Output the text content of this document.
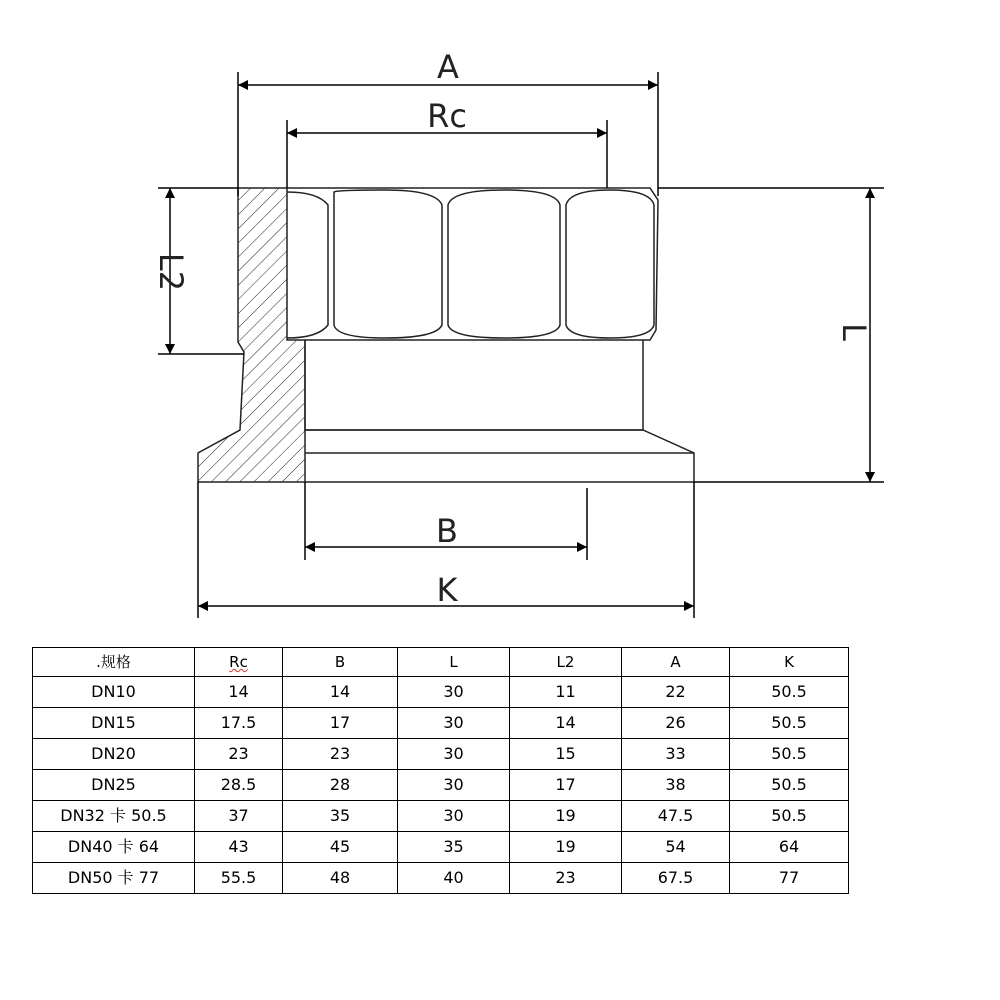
A
Rc
L2
L
B
K
.规格	Rc	B	L	L2	A	K
DN10	14	14	30	11	22	50.5
DN15	17.5	17	30	14	26	50.5
DN20	23	23	30	15	33	50.5
DN25	28.5	28	30	17	38	50.5
DN32 卡 50.5	37	35	30	19	47.5	50.5
DN40 卡 64	43	45	35	19	54	64
DN50 卡 77	55.5	48	40	23	67.5	77
